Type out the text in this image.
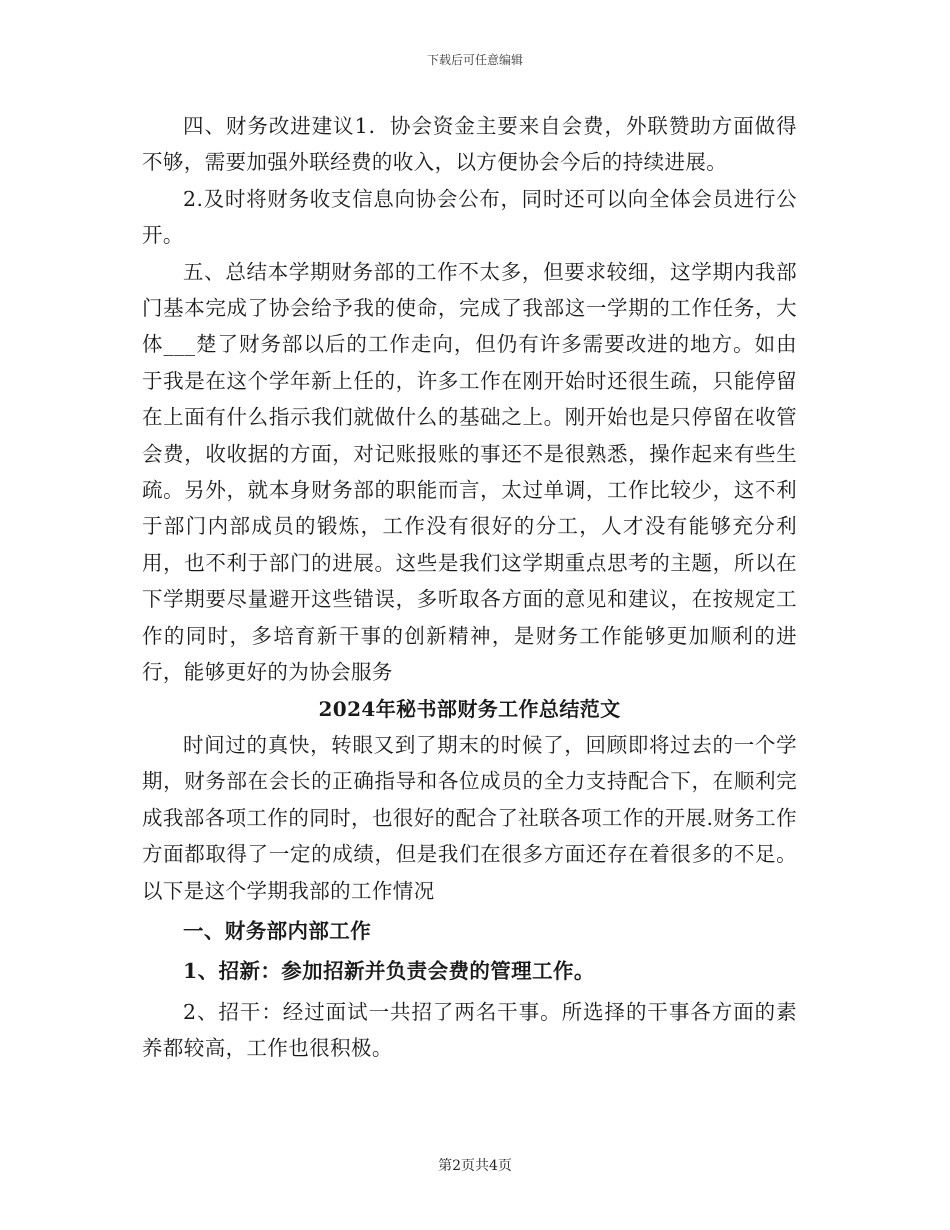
下载后可任意编辑

四、财务改进建议1．协会资金主要来自会费，外联赞助方面做得不够，需要加强外联经费的收入，以方便协会今后的持续进展。

2.及时将财务收支信息向协会公布，同时还可以向全体会员进行公开。

五、总结本学期财务部的工作不太多，但要求较细，这学期内我部门基本完成了协会给予我的使命，完成了我部这一学期的工作任务，大体___楚了财务部以后的工作走向，但仍有许多需要改进的地方。如由于我是在这个学年新上任的，许多工作在刚开始时还很生疏，只能停留在上面有什么指示我们就做什么的基础之上。刚开始也是只停留在收管会费，收收据的方面，对记账报账的事还不是很熟悉，操作起来有些生疏。另外，就本身财务部的职能而言，太过单调，工作比较少，这不利于部门内部成员的锻炼，工作没有很好的分工，人才没有能够充分利用，也不利于部门的进展。这些是我们这学期重点思考的主题，所以在下学期要尽量避开这些错误，多听取各方面的意见和建议，在按规定工作的同时，多培育新干事的创新精神，是财务工作能够更加顺利的进行，能够更好的为协会服务

2024年秘书部财务工作总结范文

时间过的真快，转眼又到了期末的时候了，回顾即将过去的一个学期，财务部在会长的正确指导和各位成员的全力支持配合下，在顺利完成我部各项工作的同时，也很好的配合了社联各项工作的开展.财务工作方面都取得了一定的成绩，但是我们在很多方面还存在着很多的不足。以下是这个学期我部的工作情况

一、财务部内部工作

1、招新：参加招新并负责会费的管理工作。

2、招干：经过面试一共招了两名干事。所选择的干事各方面的素养都较高，工作也很积极。

第2页共4页
